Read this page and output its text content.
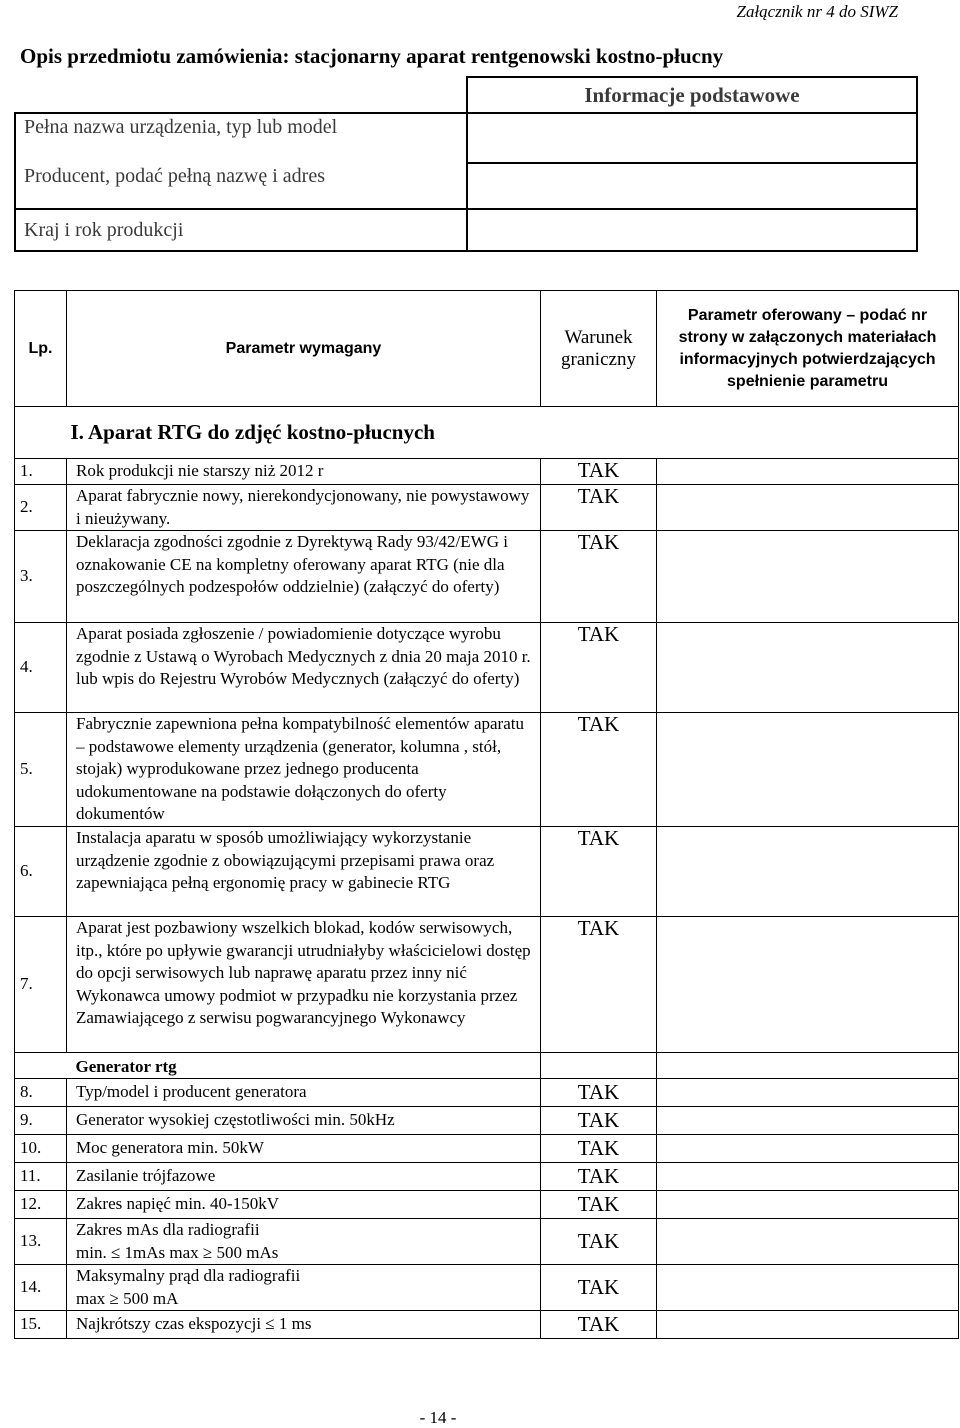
Załącznik nr 4 do SIWZ
Opis przedmiotu zamówienia: stacjonarny aparat rentgenowski kostno-płucny
	Informacje podstawowe
Pełna nazwa urządzenia, typ lub model	
Producent, podać pełną nazwę i adres	
Kraj i rok produkcji	
Lp.	Parametr wymagany	Warunek graniczny	Parametr oferowany – podać nr strony w załączonych materiałach informacyjnych potwierdzających spełnienie parametru
	I. Aparat RTG do zdjęć kostno-płucnych		
1.	Rok produkcji nie starszy niż 2012 r	TAK	
2.	Aparat fabrycznie nowy, nierekondycjonowany, nie powystawowy i nieużywany.	TAK	
3.	Deklaracja zgodności zgodnie z Dyrektywą Rady 93/42/EWG i oznakowanie CE na kompletny oferowany aparat RTG (nie dla poszczególnych podzespołów oddzielnie) (załączyć do oferty)	TAK	
4.	Aparat posiada zgłoszenie / powiadomienie dotyczące wyrobu zgodnie z Ustawą o Wyrobach Medycznych z dnia 20 maja 2010 r. lub wpis do Rejestru Wyrobów Medycznych (załączyć do oferty)	TAK	
5.	Fabrycznie zapewniona pełna kompatybilność elementów aparatu – podstawowe elementy urządzenia (generator, kolumna , stół, stojak) wyprodukowane przez jednego producenta udokumentowane na podstawie dołączonych do oferty dokumentów	TAK	
6.	Instalacja aparatu w sposób umożliwiający wykorzystanie urządzenie zgodnie z obowiązującymi przepisami prawa oraz zapewniająca pełną ergonomię pracy w gabinecie RTG	TAK	
7.	Aparat jest pozbawiony wszelkich blokad, kodów serwisowych, itp., które po upływie gwarancji utrudniałyby właścicielowi dostęp do opcji serwisowych lub naprawę aparatu przez inny nić Wykonawca umowy podmiot w przypadku nie korzystania przez Zamawiającego z serwisu pogwarancyjnego Wykonawcy	TAK	
	Generator rtg		
8.	Typ/model i producent generatora	TAK	
9.	Generator wysokiej częstotliwości min. 50kHz	TAK	
10.	Moc generatora min. 50kW	TAK	
11.	Zasilanie trójfazowe	TAK	
12.	Zakres napięć min. 40-150kV	TAK	
13.	Zakres mAs dla radiografii
min. ≤ 1mAs max ≥ 500 mAs	TAK	
14.	Maksymalny prąd dla radiografii
max ≥ 500 mA	TAK	
15.	Najkrótszy czas ekspozycji ≤ 1 ms	TAK	
- 14 -
